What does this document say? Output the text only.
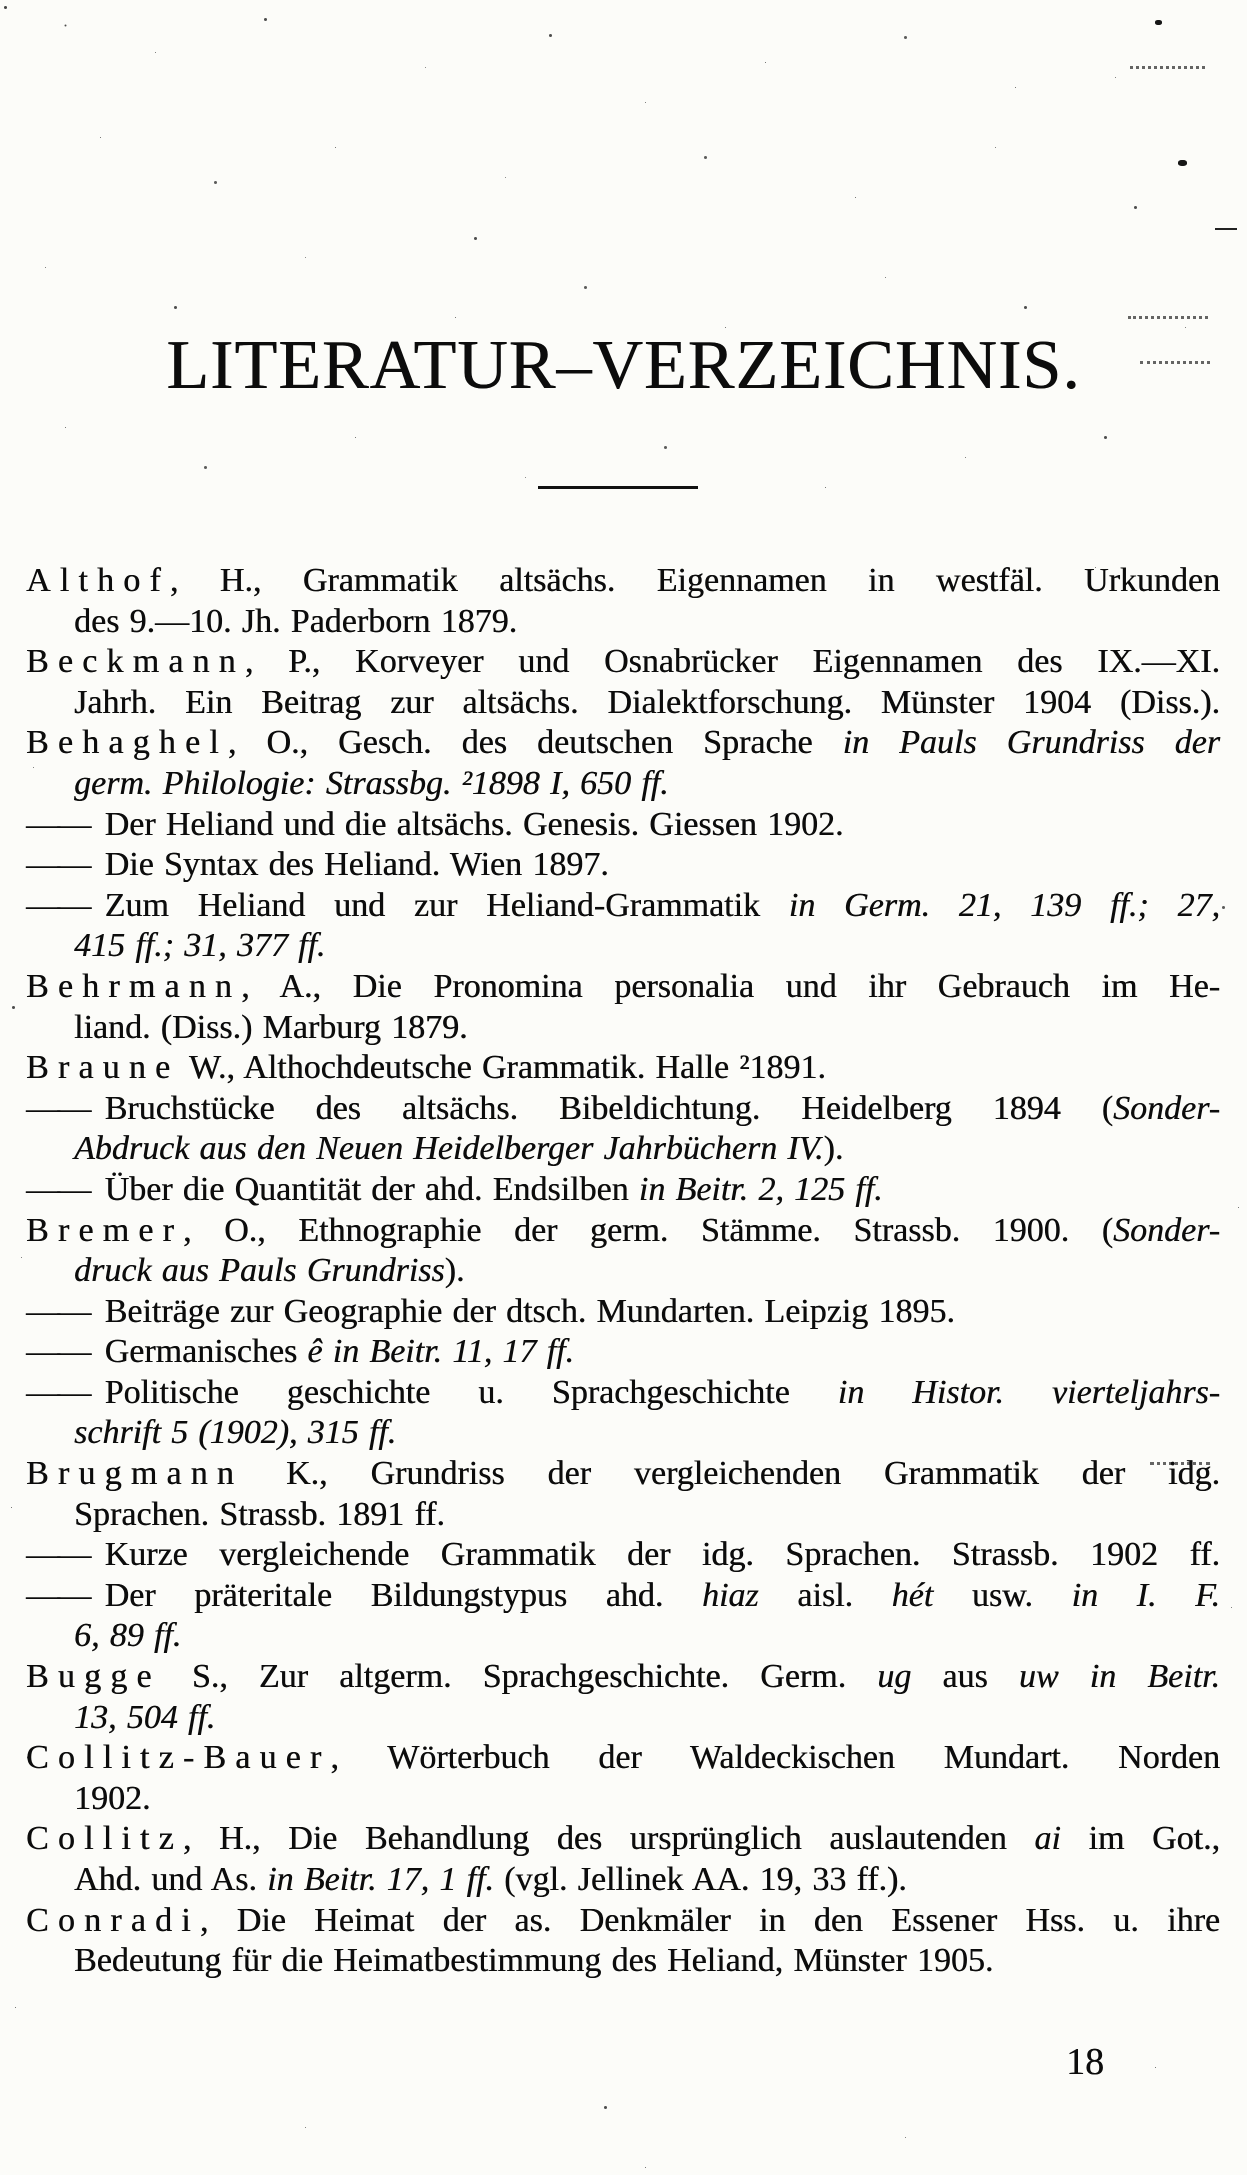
LITERATUR–VERZEICHNIS.
Althof, H., Grammatik altsächs. Eigennamen in westfäl. Urkunden
des 9.—10. Jh. Paderborn 1879.
Beckmann, P., Korveyer und Osnabrücker Eigennamen des IX.—XI.
Jahrh. Ein Beitrag zur altsächs. Dialektforschung. Münster 1904 (Diss.).
Behaghel, O., Gesch. des deutschen Sprache in Pauls Grundriss der
germ. Philologie: Strassbg. ²1898 I, 650 ff.
—— Der Heliand und die altsächs. Genesis. Giessen 1902.
—— Die Syntax des Heliand. Wien 1897.
—— Zum Heliand und zur Heliand-Grammatik in Germ. 21, 139 ff.; 27,
415 ff.; 31, 377 ff.
Behrmann, A., Die Pronomina personalia und ihr Gebrauch im He-
liand. (Diss.) Marburg 1879.
Braune W., Althochdeutsche Grammatik. Halle ²1891.
—— Bruchstücke des altsächs. Bibeldichtung. Heidelberg 1894 (Sonder-
Abdruck aus den Neuen Heidelberger Jahrbüchern IV.).
—— Über die Quantität der ahd. Endsilben in Beitr. 2, 125 ff.
Bremer, O., Ethnographie der germ. Stämme. Strassb. 1900. (Sonder-
druck aus Pauls Grundriss).
—— Beiträge zur Geographie der dtsch. Mundarten. Leipzig 1895.
—— Germanisches ê in Beitr. 11, 17 ff.
—— Politische geschichte u. Sprachgeschichte in Histor. vierteljahrs-
schrift 5 (1902), 315 ff.
Brugmann K., Grundriss der vergleichenden Grammatik der idg.
Sprachen. Strassb. 1891 ff.
—— Kurze vergleichende Grammatik der idg. Sprachen. Strassb. 1902 ff.
—— Der präteritale Bildungstypus ahd. hiaz aisl. hét usw. in I. F.
6, 89 ff.
Bugge S., Zur altgerm. Sprachgeschichte. Germ. ug aus uw in Beitr.
13, 504 ff.
Collitz-Bauer, Wörterbuch der Waldeckischen Mundart. Norden
1902.
Collitz, H., Die Behandlung des ursprünglich auslautenden ai im Got.,
Ahd. und As. in Beitr. 17, 1 ff. (vgl. Jellinek AA. 19, 33 ff.).
Conradi, Die Heimat der as. Denkmäler in den Essener Hss. u. ihre
Bedeutung für die Heimatbestimmung des Heliand, Münster 1905.
18
